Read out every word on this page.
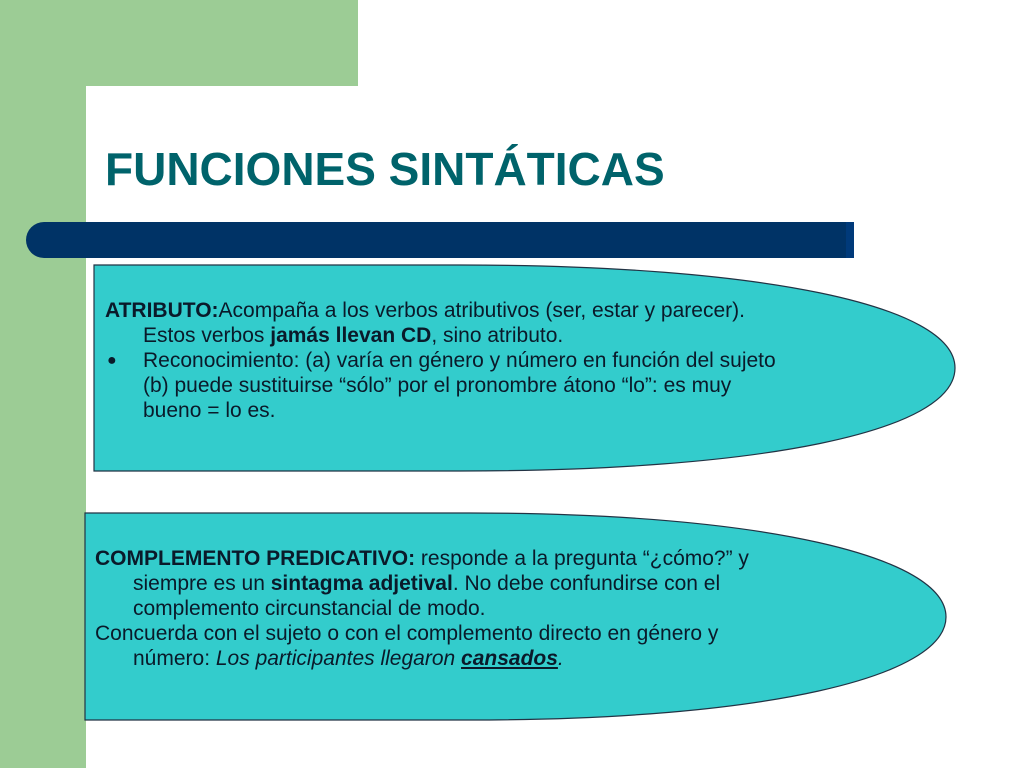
FUNCIONES SINTÁTICAS

ATRIBUTO:Acompaña a los verbos atributivos (ser, estar y parecer). Estos verbos jamás llevan CD, sino atributo.

● Reconocimiento: (a) varía en género y número en función del sujeto (b) puede sustituirse “sólo” por el pronombre átono “lo”: es muy bueno = lo es.

COMPLEMENTO PREDICATIVO: responde a la pregunta “¿cómo?” y siempre es un sintagma adjetival. No debe confundirse con el complemento circunstancial de modo.

Concuerda con el sujeto o con el complemento directo en género y número: Los participantes llegaron cansados.
